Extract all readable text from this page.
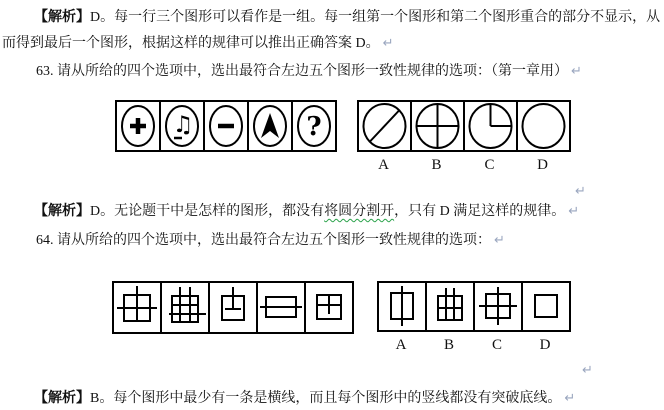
【解析】D。每一行三个图形可以看作是一组。每一组第一个图形和第二个图形重合的部分不显示，从
而得到最后一个图形，根据这样的规律可以推出正确答案 D。 ↵
63. 请从所给的四个选项中，选出最符合左边五个图形一致性规律的选项：（第一章用） ↵
♫	?
A	B	C	D
↵
【解析】D。无论题干中是怎样的图形，都没有将圆分割开，只有 D 满足这样的规律。 ↵
64. 请从所给的四个选项中，选出最符合左边五个图形一致性规律的选项： ↵
A	B	C	D
↵
【解析】B。每个图形中最少有一条是横线，而且每个图形中的竖线都没有突破底线。 ↵
